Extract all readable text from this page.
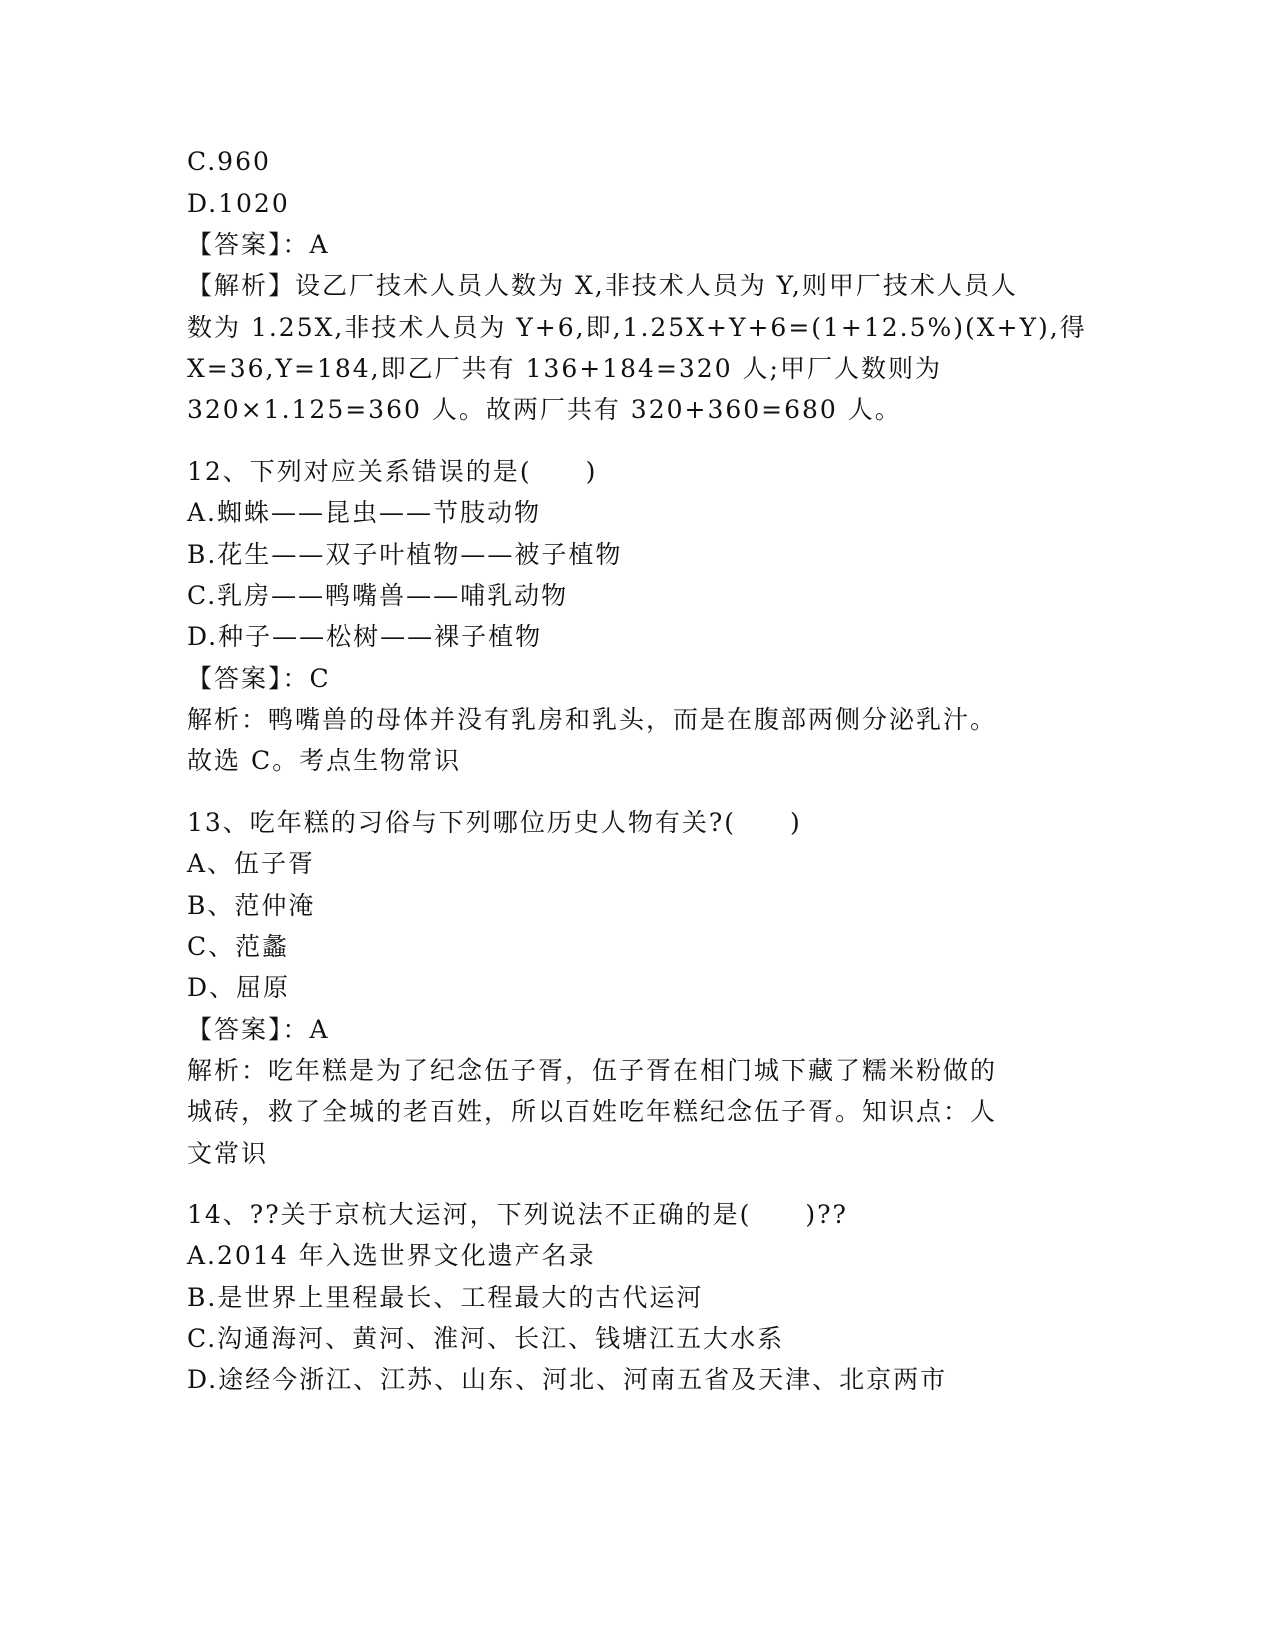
C.960
D.1020
【答案】：A
【解析】设乙厂技术人员人数为 X,非技术人员为 Y,则甲厂技术人员人
数为 1.25X,非技术人员为 Y+6,即,1.25X+Y+6=(1+12.5%)(X+Y),得
X=36,Y=184,即乙厂共有 136+184=320 人;甲厂人数则为
320×1.125=360 人。故两厂共有 320+360=680 人。
12、下列对应关系错误的是(　　)
A.蜘蛛——昆虫——节肢动物
B.花生——双子叶植物——被子植物
C.乳房——鸭嘴兽——哺乳动物
D.种子——松树——裸子植物
【答案】：C
解析：鸭嘴兽的母体并没有乳房和乳头，而是在腹部两侧分泌乳汁。
故选 C。考点生物常识
13、吃年糕的习俗与下列哪位历史人物有关?(　　)
A、伍子胥
B、范仲淹
C、范蠡
D、屈原
【答案】：A
解析：吃年糕是为了纪念伍子胥，伍子胥在相门城下藏了糯米粉做的
城砖，救了全城的老百姓，所以百姓吃年糕纪念伍子胥。知识点：人
文常识
14、??关于京杭大运河，下列说法不正确的是(　　)??
A.2014 年入选世界文化遗产名录
B.是世界上里程最长、工程最大的古代运河
C.沟通海河、黄河、淮河、长江、钱塘江五大水系
D.途经今浙江、江苏、山东、河北、河南五省及天津、北京两市
